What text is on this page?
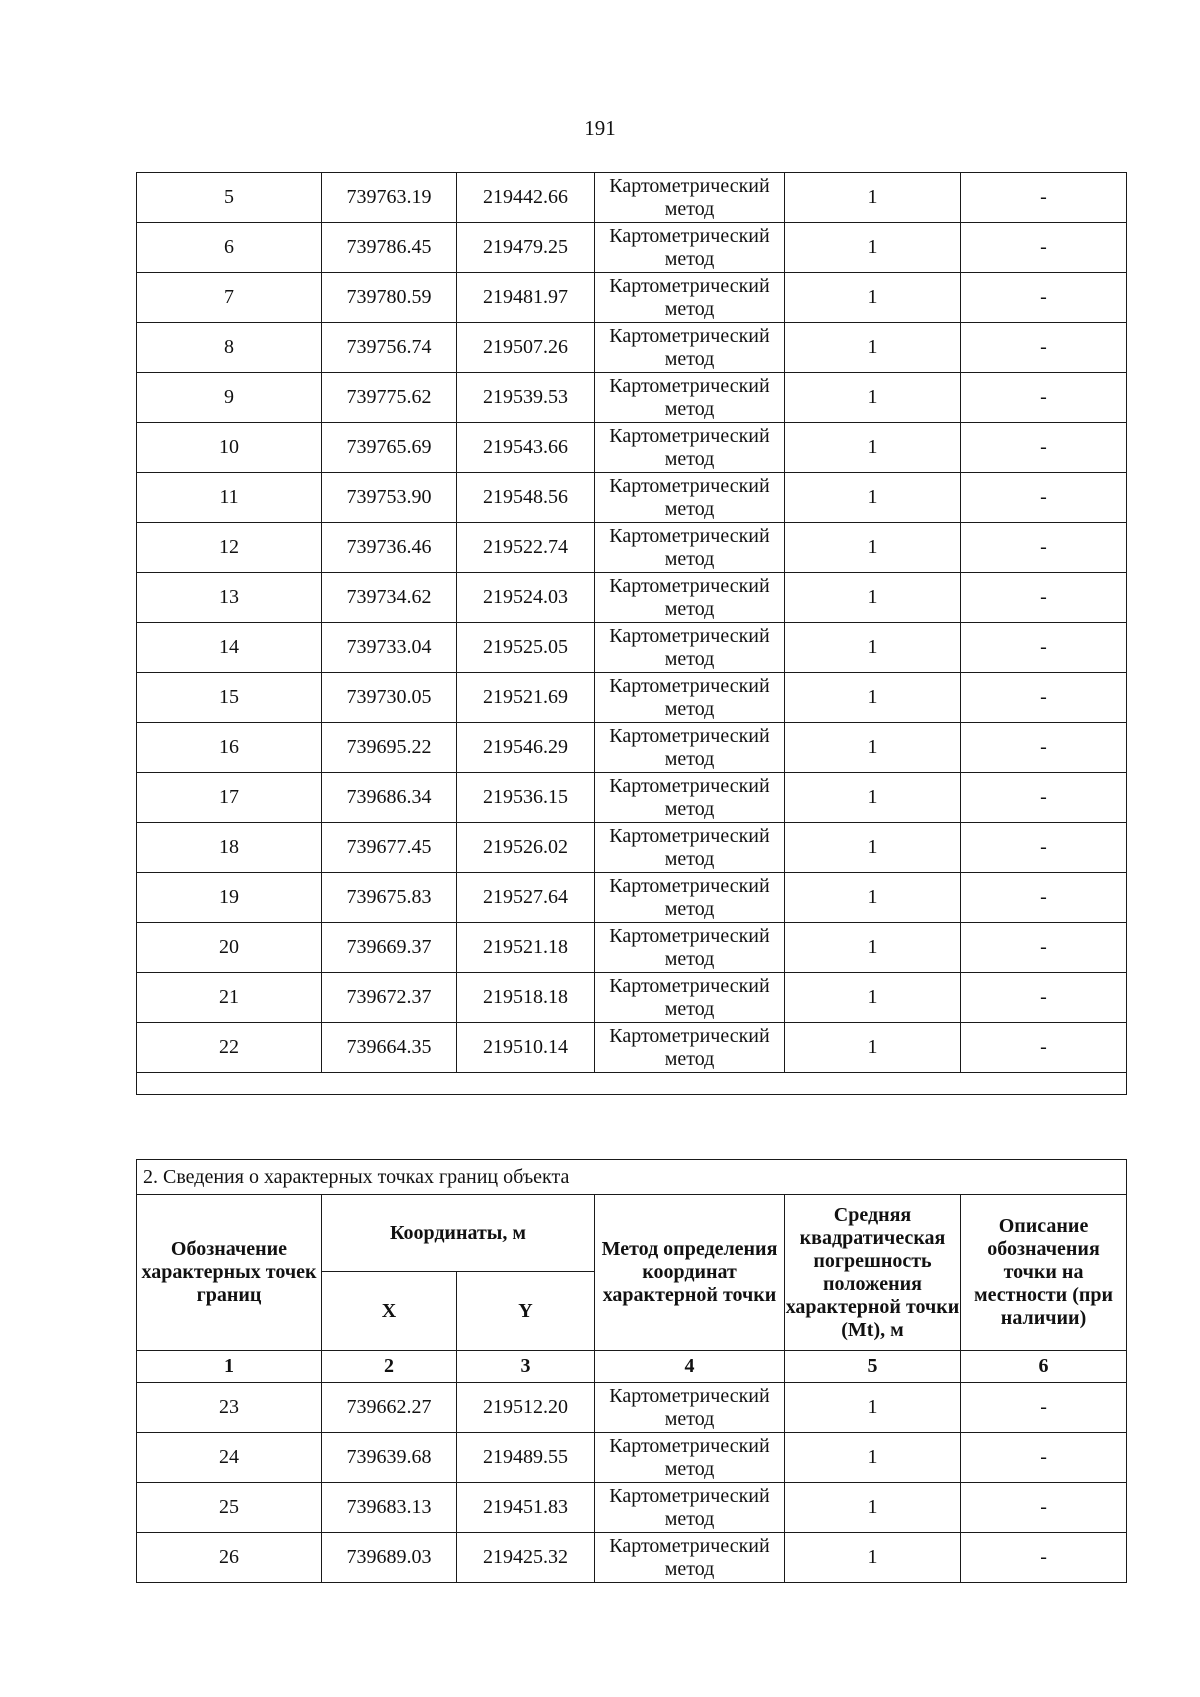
191
5	739763.19	219442.66	Картометрический метод	1	-
6	739786.45	219479.25	Картометрический метод	1	-
7	739780.59	219481.97	Картометрический метод	1	-
8	739756.74	219507.26	Картометрический метод	1	-
9	739775.62	219539.53	Картометрический метод	1	-
10	739765.69	219543.66	Картометрический метод	1	-
11	739753.90	219548.56	Картометрический метод	1	-
12	739736.46	219522.74	Картометрический метод	1	-
13	739734.62	219524.03	Картометрический метод	1	-
14	739733.04	219525.05	Картометрический метод	1	-
15	739730.05	219521.69	Картометрический метод	1	-
16	739695.22	219546.29	Картометрический метод	1	-
17	739686.34	219536.15	Картометрический метод	1	-
18	739677.45	219526.02	Картометрический метод	1	-
19	739675.83	219527.64	Картометрический метод	1	-
20	739669.37	219521.18	Картометрический метод	1	-
21	739672.37	219518.18	Картометрический метод	1	-
22	739664.35	219510.14	Картометрический метод	1	-

2. Сведения о характерных точках границ объекта					
Обозначение характерных точек границ	Координаты, м		Метод определения координат характерной точки	Средняя квадратическая погрешность положения характерной точки (Mt), м	Описание обозначения точки на местности (при наличии)
	X	Y			
1	2	3	4	5	6
23	739662.27	219512.20	Картометрический метод	1	-
24	739639.68	219489.55	Картометрический метод	1	-
25	739683.13	219451.83	Картометрический метод	1	-
26	739689.03	219425.32	Картометрический метод	1	-
